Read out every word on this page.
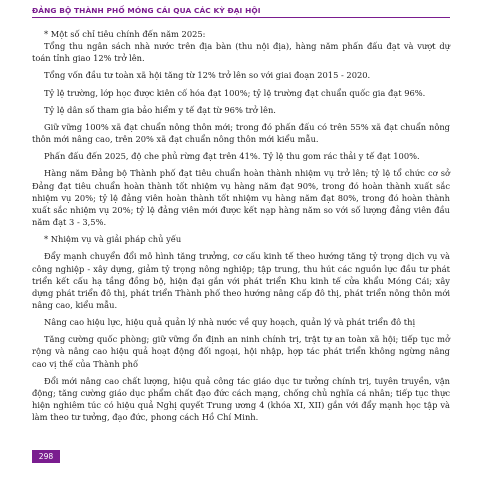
ĐẢNG BỘ THÀNH PHỐ MÓNG CÁI QUA CÁC KỲ ĐẠI HỘI

* Một số chỉ tiêu chính đến năm 2025:

Tổng thu ngân sách nhà nước trên địa bàn (thu nội địa), hàng năm phấn đấu đạt và vượt dự toán tỉnh giao 12% trở lên.

Tổng vốn đầu tư toàn xã hội tăng từ 12% trở lên so với giai đoạn 2015 - 2020.

Tỷ lệ trường, lớp học được kiên cố hóa đạt 100%; tỷ lệ trường đạt chuẩn quốc gia đạt 96%.

Tỷ lệ dân số tham gia bảo hiểm y tế đạt từ 96% trở lên.

Giữ vững 100% xã đạt chuẩn nông thôn mới; trong đó phấn đấu có trên 55% xã đạt chuẩn nông thôn mới nâng cao, trên 20% xã đạt chuẩn nông thôn mới kiểu mẫu.

Phấn đấu đến 2025, độ che phủ rừng đạt trên 41%. Tỷ lệ thu gom rác thải y tế đạt 100%.

Hàng năm Đảng bộ Thành phố đạt tiêu chuẩn hoàn thành nhiệm vụ trở lên; tỷ lệ tổ chức cơ sở Đảng đạt tiêu chuẩn hoàn thành tốt nhiệm vụ hàng năm đạt 90%, trong đó hoàn thành xuất sắc nhiệm vụ 20%; tỷ lệ đảng viên hoàn thành tốt nhiệm vụ hàng năm đạt 80%, trong đó hoàn thành xuất sắc nhiệm vụ 20%; tỷ lệ đảng viên mới được kết nạp hàng năm so với số lượng đảng viên đầu năm đạt 3 - 3,5%.

* Nhiệm vụ và giải pháp chủ yếu

Đẩy mạnh chuyển đổi mô hình tăng trưởng, cơ cấu kinh tế theo hướng tăng tỷ trọng dịch vụ và công nghiệp - xây dựng, giảm tỷ trọng nông nghiệp; tập trung, thu hút các nguồn lực đầu tư phát triển kết cấu hạ tầng đồng bộ, hiện đại gắn với phát triển Khu kinh tế cửa khẩu Móng Cái; xây dựng phát triển đô thị, phát triển Thành phố theo hướng nâng cấp đô thị, phát triển nông thôn mới nâng cao, kiểu mẫu.

Nâng cao hiệu lực, hiệu quả quản lý nhà nước về quy hoạch, quản lý và phát triển đô thị

Tăng cường quốc phòng; giữ vững ổn định an ninh chính trị, trật tự an toàn xã hội; tiếp tục mở rộng và nâng cao hiệu quả hoạt động đối ngoại, hội nhập, hợp tác phát triển không ngừng nâng cao vị thế của Thành phố

Đổi mới nâng cao chất lượng, hiệu quả công tác giáo dục tư tưởng chính trị, tuyên truyền, vận động; tăng cường giáo dục phẩm chất đạo đức cách mạng, chống chủ nghĩa cá nhân; tiếp tục thực hiện nghiêm túc có hiệu quả Nghị quyết Trung ương 4 (khóa XI, XII) gắn với đẩy mạnh học tập và làm theo tư tưởng, đạo đức, phong cách Hồ Chí Minh.

298
